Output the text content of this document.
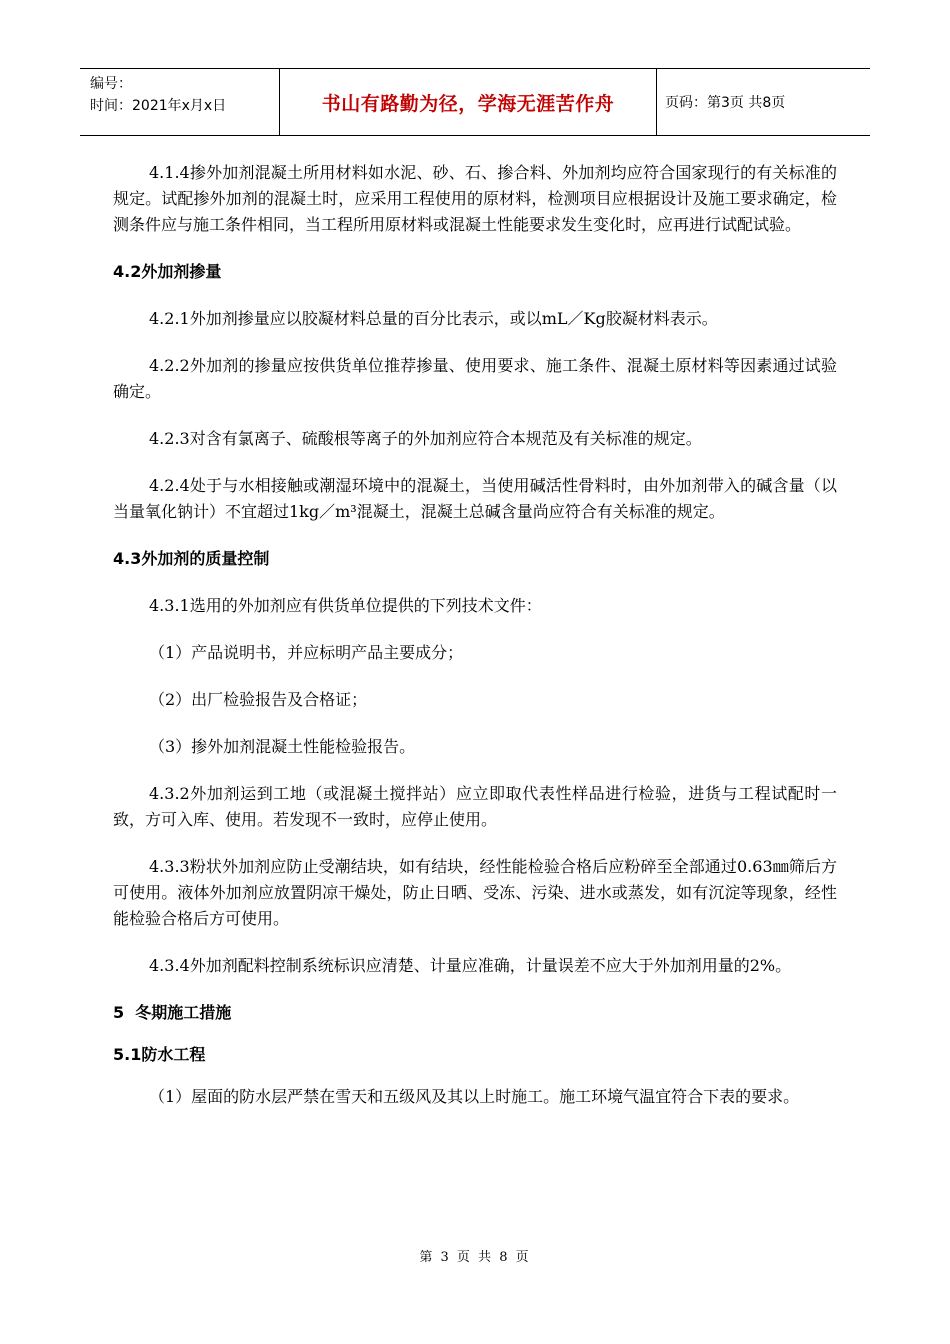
编号：
时间：2021年x月x日	书山有路勤为径，学海无涯苦作舟	页码：第3页 共8页

4.1.4掺外加剂混凝土所用材料如水泥、砂、石、掺合料、外加剂均应符合国家现行的有关标准的规定。试配掺外加剂的混凝土时，应采用工程使用的原材料，检测项目应根据设计及施工要求确定，检测条件应与施工条件相同，当工程所用原材料或混凝土性能要求发生变化时，应再进行试配试验。

4.2外加剂掺量

4.2.1外加剂掺量应以胶凝材料总量的百分比表示，或以mL／Kg胶凝材料表示。

4.2.2外加剂的掺量应按供货单位推荐掺量、使用要求、施工条件、混凝土原材料等因素通过试验确定。

4.2.3对含有氯离子、硫酸根等离子的外加剂应符合本规范及有关标准的规定。

4.2.4处于与水相接触或潮湿环境中的混凝土，当使用碱活性骨料时，由外加剂带入的碱含量（以当量氧化钠计）不宜超过1kg／m³混凝土，混凝土总碱含量尚应符合有关标准的规定。

4.3外加剂的质量控制

4.3.1选用的外加剂应有供货单位提供的下列技术文件：

（1）产品说明书，并应标明产品主要成分；

（2）出厂检验报告及合格证；

（3）掺外加剂混凝土性能检验报告。

4.3.2外加剂运到工地（或混凝土搅拌站）应立即取代表性样品进行检验，进货与工程试配时一致，方可入库、使用。若发现不一致时，应停止使用。

4.3.3粉状外加剂应防止受潮结块，如有结块，经性能检验合格后应粉碎至全部通过0.63㎜筛后方可使用。液体外加剂应放置阴凉干燥处，防止日晒、受冻、污染、进水或蒸发，如有沉淀等现象，经性能检验合格后方可使用。

4.3.4外加剂配料控制系统标识应清楚、计量应准确，计量误差不应大于外加剂用量的2%。

5  冬期施工措施
5.1防水工程

（1）屋面的防水层严禁在雪天和五级风及其以上时施工。施工环境气温宜符合下表的要求。

第 3 页 共 8 页
